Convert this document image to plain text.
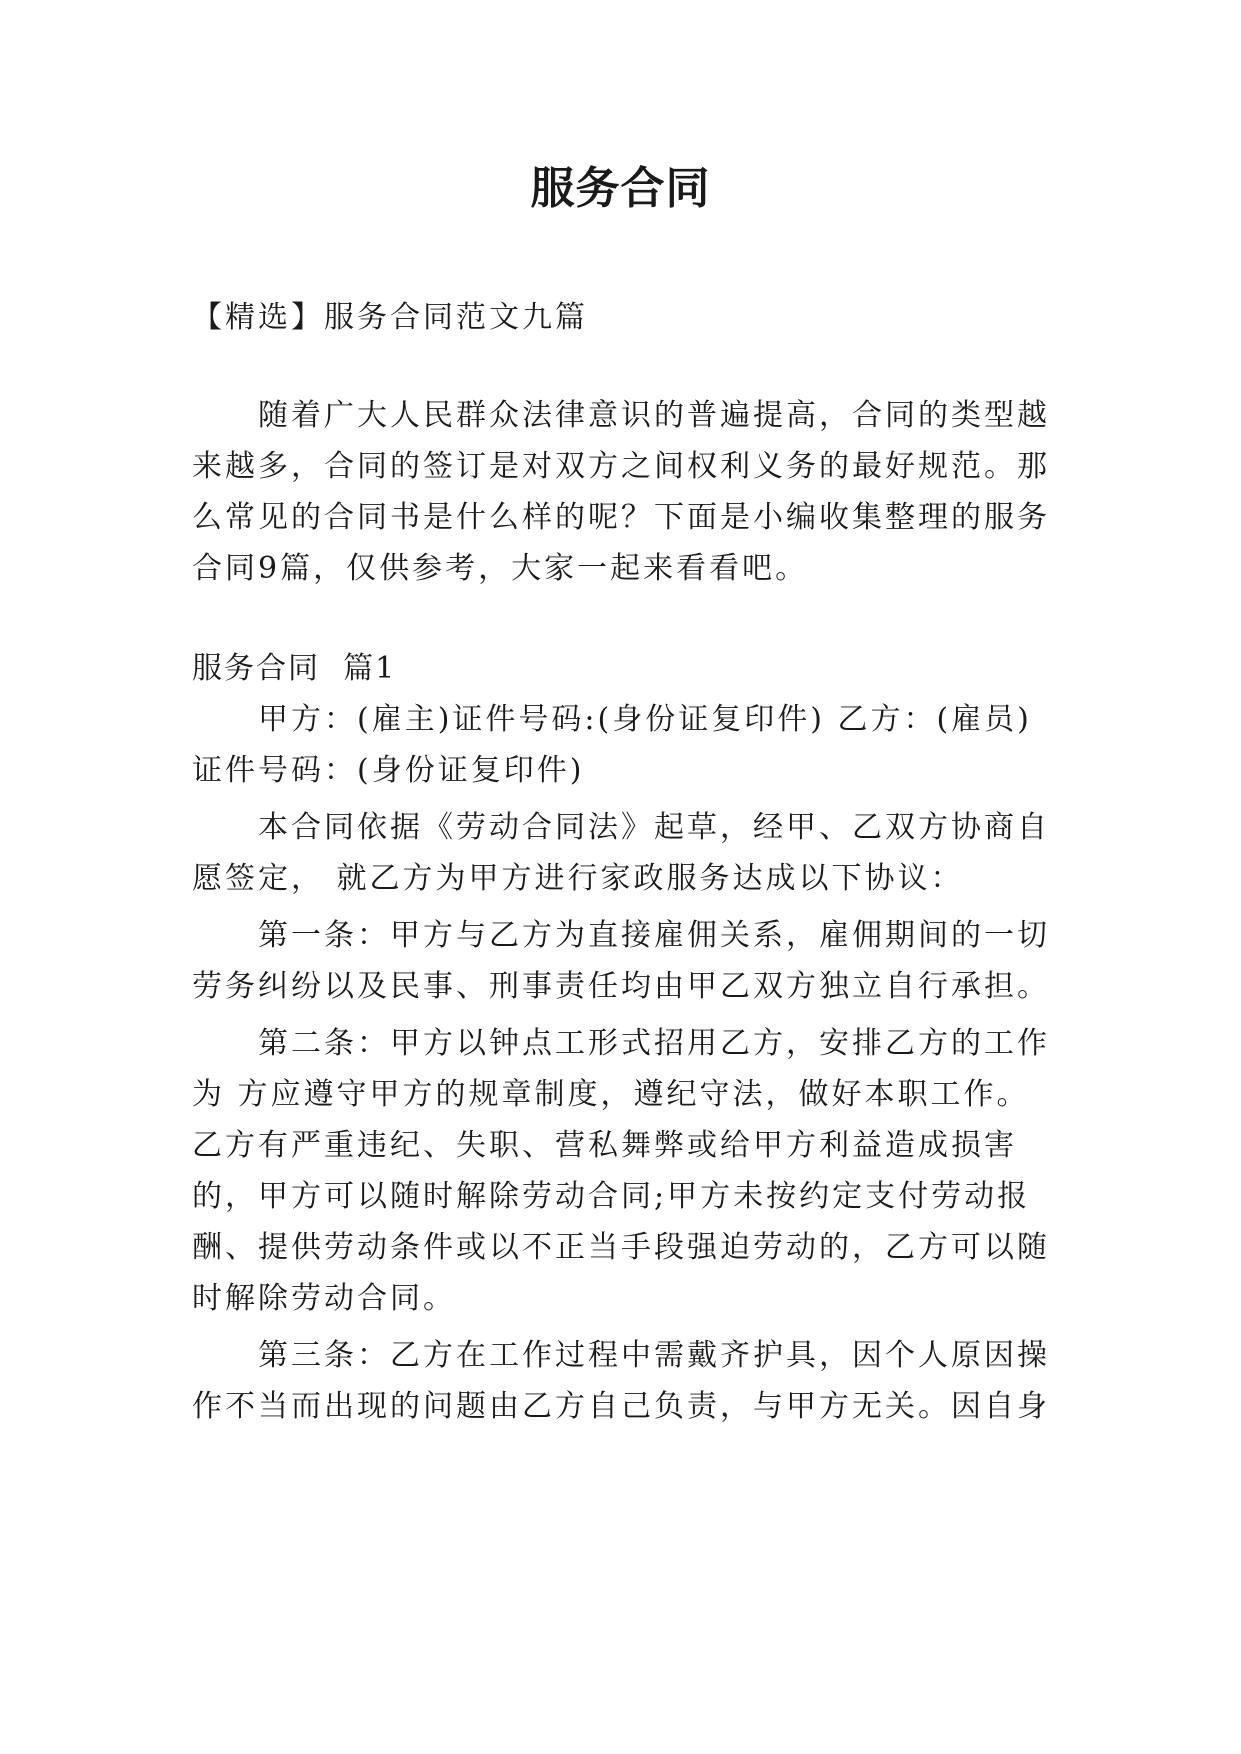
服务合同

【精选】服务合同范文九篇

随着广大人民群众法律意识的普遍提高，合同的类型越来越多，合同的签订是对双方之间权利义务的最好规范。那么常见的合同书是什么样的呢？下面是小编收集整理的服务合同9篇，仅供参考，大家一起来看看吧。

服务合同  篇1

甲方：(雇主)证件号码:(身份证复印件) 乙方：(雇员)证件号码：(身份证复印件)

本合同依据《劳动合同法》起草，经甲、乙双方协商自愿签定， 就乙方为甲方进行家政服务达成以下协议：

第一条：甲方与乙方为直接雇佣关系，雇佣期间的一切劳务纠纷以及民事、刑事责任均由甲乙双方独立自行承担。

第二条：甲方以钟点工形式招用乙方，安排乙方的工作为 方应遵守甲方的规章制度，遵纪守法，做好本职工作。乙方有严重违纪、失职、营私舞弊或给甲方利益造成损害的，甲方可以随时解除劳动合同;甲方未按约定支付劳动报酬、提供劳动条件或以不正当手段强迫劳动的，乙方可以随时解除劳动合同。

第三条：乙方在工作过程中需戴齐护具，因个人原因操作不当而出现的问题由乙方自己负责，与甲方无关。因自身
